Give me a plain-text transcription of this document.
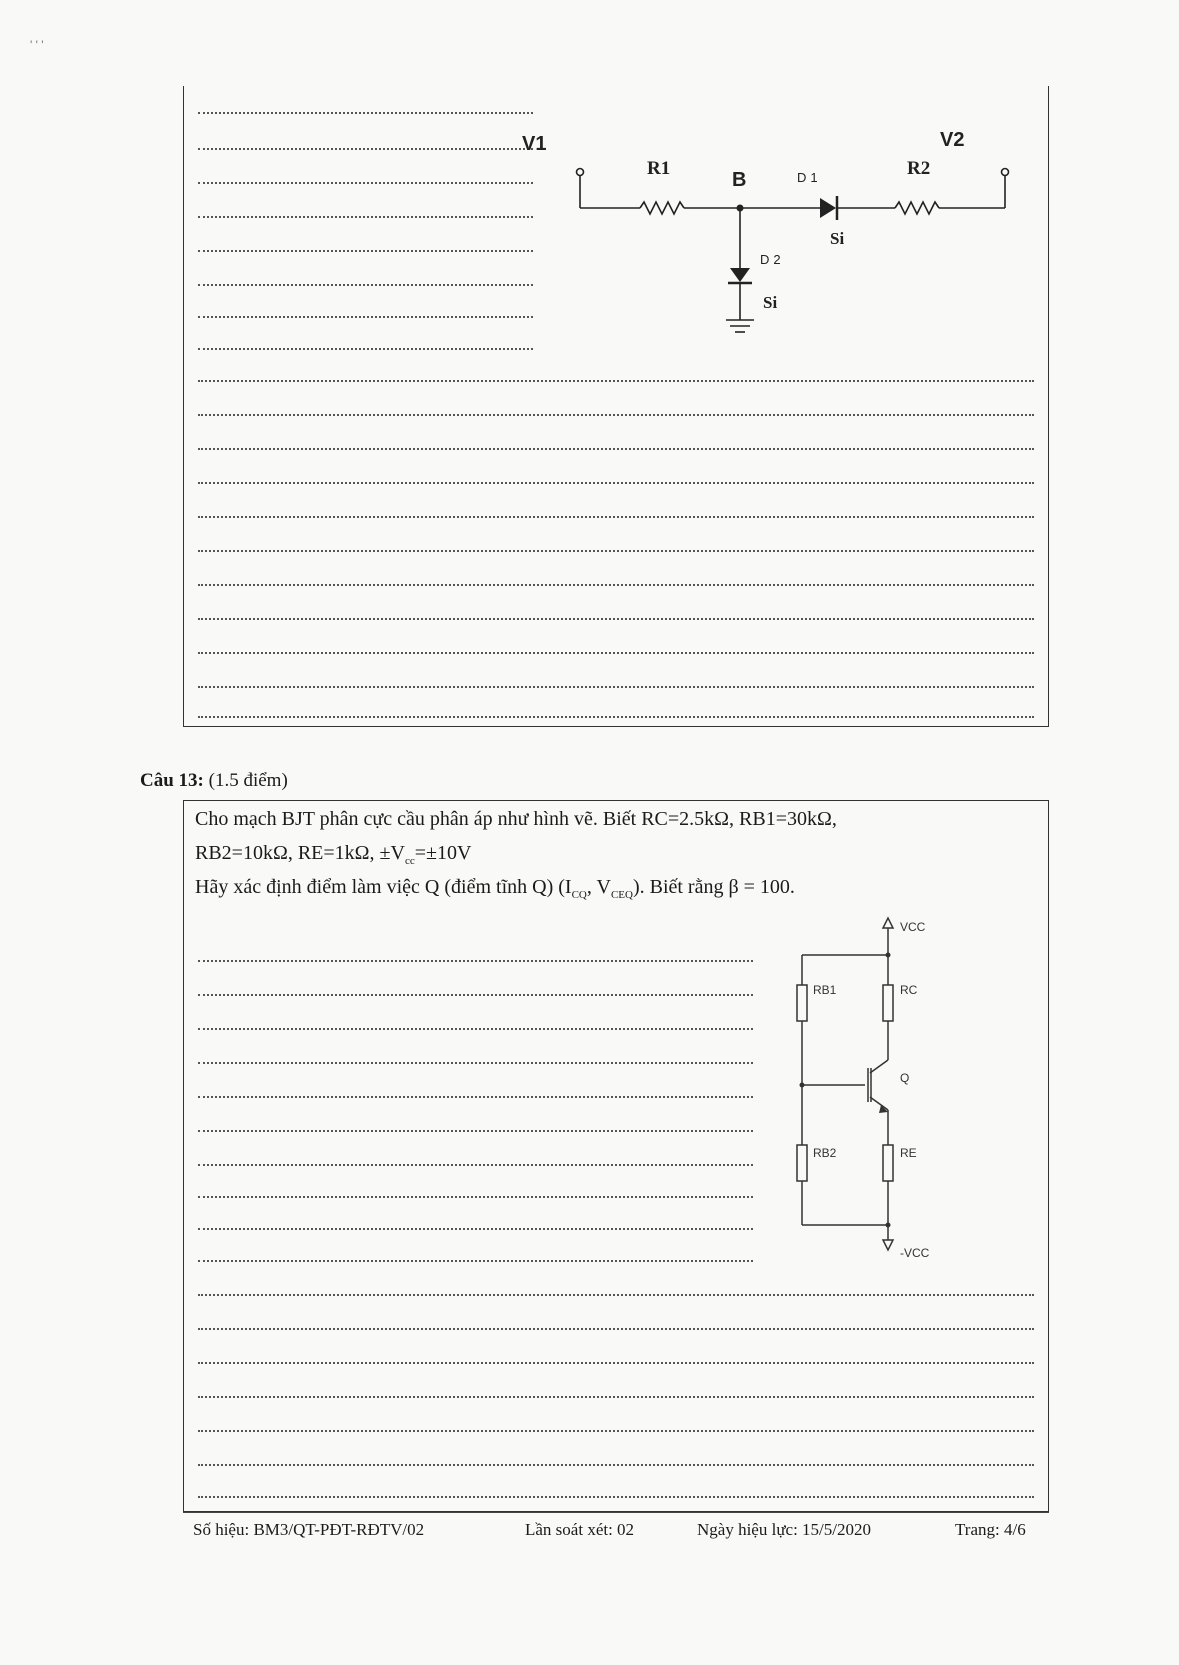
' ' '
V1	V2
R1	R2
B	D1
Si
D2
Si
Câu 13: (1.5 điểm)
Cho mạch BJT phân cực cầu phân áp như hình vẽ. Biết RC=2.5kΩ, RB1=30kΩ,
RB2=10kΩ, RE=1kΩ, $\pm V_{cc}=\pm 10V$
Hãy xác định điểm làm việc Q (điểm tĩnh Q) ($I_{CQ}$, $V_{CEQ}$). Biết rằng β = 100.
VCC
-VCC
RB1	RC
Q
RB2	RE
Số hiệu: BM3/QT-PĐT-RĐTV/02	Lần soát xét: 02	Ngày hiệu lực: 15/5/2020	Trang: 4/6
